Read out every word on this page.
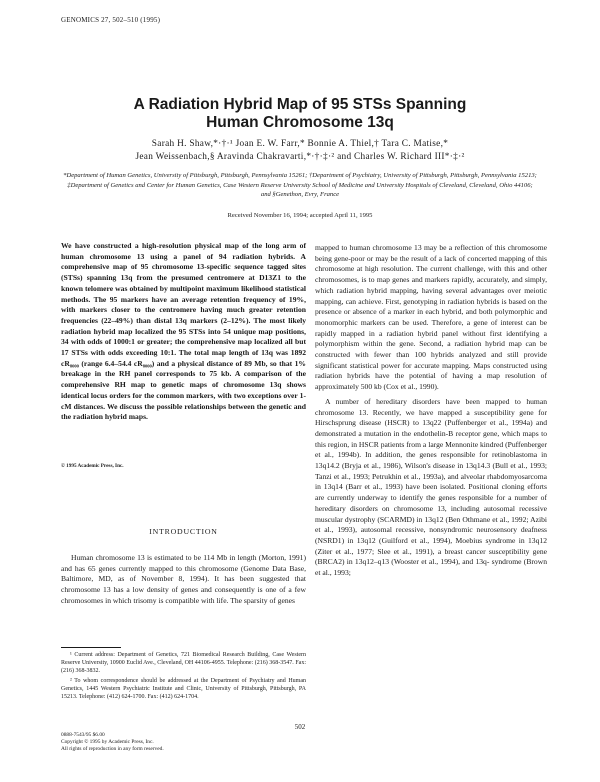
GENOMICS 27, 502–510 (1995)
A Radiation Hybrid Map of 95 STSs Spanning
Human Chromosome 13q
Sarah H. Shaw,*·†·¹ Joan E. W. Farr,* Bonnie A. Thiel,† Tara C. Matise,*
Jean Weissenbach,§ Aravinda Chakravarti,*·†·‡·² and Charles W. Richard III*·‡·²
*Department of Human Genetics, University of Pittsburgh, Pittsburgh, Pennsylvania 15261; †Department of Psychiatry, University of Pittsburgh, Pittsburgh, Pennsylvania 15213; ‡Department of Genetics and Center for Human Genetics, Case Western Reserve University School of Medicine and University Hospitals of Cleveland, Cleveland, Ohio 44106; and §Genethon, Evry, France
Received November 16, 1994; accepted April 11, 1995

We have constructed a high-resolution physical map of the long arm of human chromosome 13 using a panel of 94 radiation hybrids. A comprehensive map of 95 chromosome 13-specific sequence tagged sites (STSs) spanning 13q from the presumed centromere at D13Z1 to the known telomere was obtained by multipoint maximum likelihood statistical methods. The 95 markers have an average retention frequency of 19%, with markers closer to the centromere having much greater retention frequencies (22–49%) than distal 13q markers (2–12%). The most likely radiation hybrid map localized the 95 STSs into 54 unique map positions, 34 with odds of 1000:1 or greater; the comprehensive map localized all but 17 STSs with odds exceeding 10:1. The total map length of 13q was 1892 cR₈₀₀₀ (range 6.4–54.4 cR₈₀₀₀) and a physical distance of 89 Mb, so that 1% breakage in the RH panel corresponds to 75 kb. A comparison of the comprehensive RH map to genetic maps of chromosome 13q shows identical locus orders for the common markers, with two exceptions over 1-cM distances. We discuss the possible relationships between the genetic and the radiation hybrid maps.

© 1995 Academic Press, Inc.
INTRODUCTION

Human chromosome 13 is estimated to be 114 Mb in length (Morton, 1991) and has 65 genes currently mapped to this chromosome (Genome Data Base, Baltimore, MD, as of November 8, 1994). It has been suggested that chromosome 13 has a low density of genes and consequently is one of a few chromosomes in which trisomy is compatible with life. The sparsity of genes

¹ Current address: Department of Genetics, 721 Biomedical Research Building, Case Western Reserve University, 10900 Euclid Ave., Cleveland, OH 44106-4955. Telephone: (216) 368-3547. Fax: (216) 368-3832.

² To whom correspondence should be addressed at the Department of Psychiatry and Human Genetics, 1445 Western Psychiatric Institute and Clinic, University of Pittsburgh, Pittsburgh, PA 15213. Telephone: (412) 624-1700. Fax: (412) 624-1704.

mapped to human chromosome 13 may be a reflection of this chromosome being gene-poor or may be the result of a lack of concerted mapping of this chromosome at high resolution. The current challenge, with this and other chromosomes, is to map genes and markers rapidly, accurately, and simply, which radiation hybrid mapping, having several advantages over meiotic mapping, can achieve. First, genotyping in radiation hybrids is based on the presence or absence of a marker in each hybrid, and both polymorphic and monomorphic markers can be used. Therefore, a gene of interest can be rapidly mapped in a radiation hybrid panel without first identifying a polymorphism within the gene. Second, a radiation hybrid map can be constructed with fewer than 100 hybrids analyzed and still provide significant statistical power for accurate mapping. Maps constructed using radiation hybrids have the potential of having a map resolution of approximately 500 kb (Cox et al., 1990).

A number of hereditary disorders have been mapped to human chromosome 13. Recently, we have mapped a susceptibility gene for Hirschsprung disease (HSCR) to 13q22 (Puffenberger et al., 1994a) and demonstrated a mutation in the endothelin-B receptor gene, which maps to this region, in HSCR patients from a large Mennonite kindred (Puffenberger et al., 1994b). In addition, the genes responsible for retinoblastoma in 13q14.2 (Bryja et al., 1986), Wilson's disease in 13q14.3 (Bull et al., 1993; Tanzi et al., 1993; Petrukhin et al., 1993a), and alveolar rhabdomyosarcoma in 13q14 (Barr et al., 1993) have been isolated. Positional cloning efforts are currently underway to identify the genes responsible for a number of hereditary disorders on chromosome 13, including autosomal recessive muscular dystrophy (SCARMD) in 13q12 (Ben Othmane et al., 1992; Azibi et al., 1993), autosomal recessive, nonsyndromic neurosensory deafness (NSRD1) in 13q12 (Guilford et al., 1994), Moebius syndrome in 13q12 (Ziter et al., 1977; Slee et al., 1991), a breast cancer susceptibility gene (BRCA2) in 13q12–q13 (Wooster et al., 1994), and 13q- syndrome (Brown et al., 1993;

502
0888-7543/95 $6.00
Copyright © 1995 by Academic Press, Inc.
All rights of reproduction in any form reserved.
